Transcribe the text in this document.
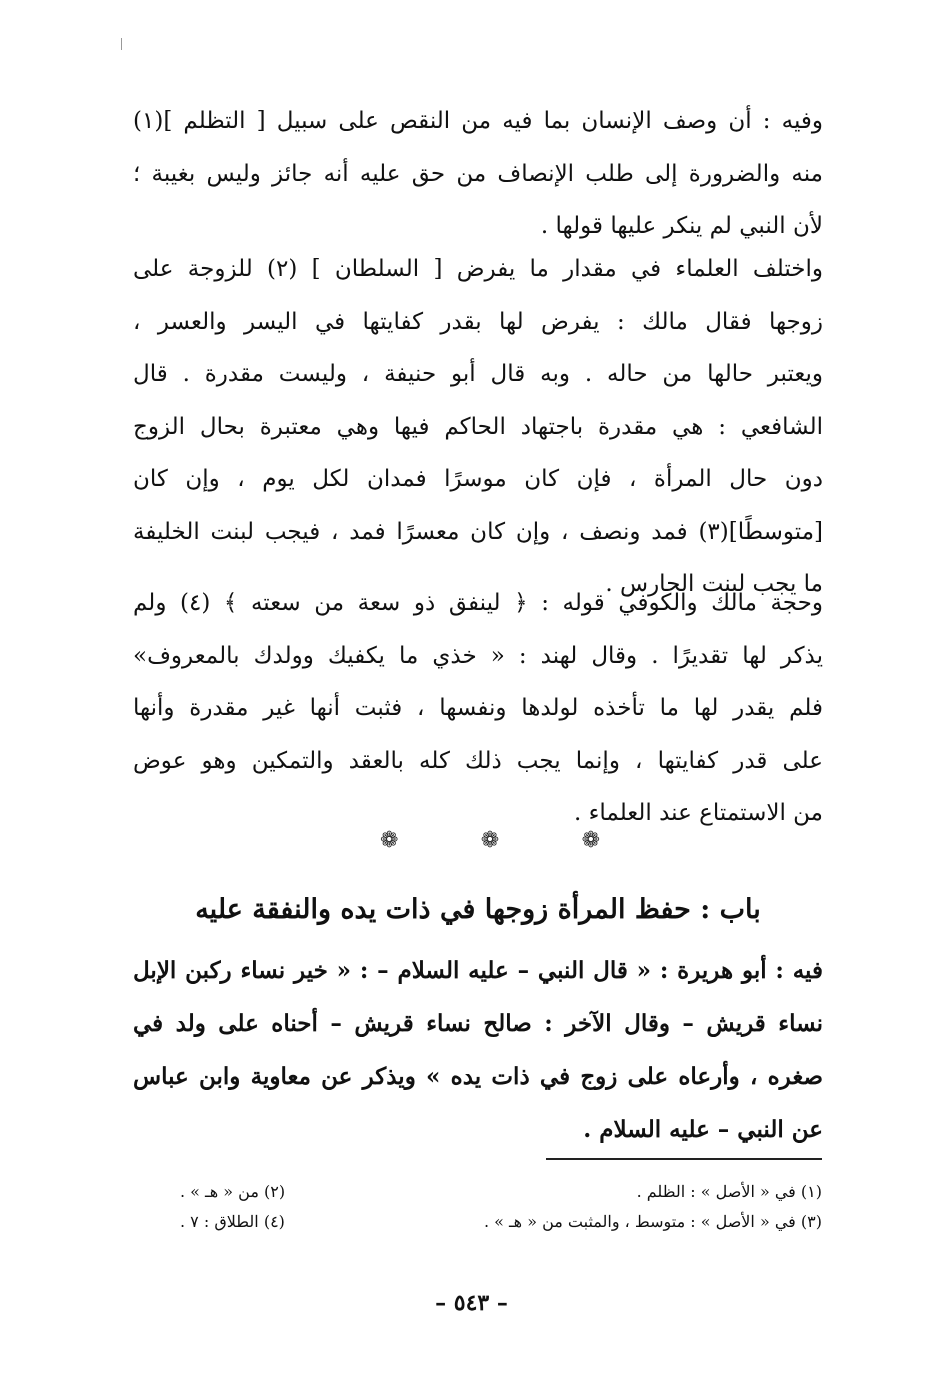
وفيه : أن وصف الإنسان بما فيه من النقص على سبيل [ التظلم ](١)
منه والضرورة إلى طلب الإنصاف من حق عليه أنه جائز وليس بغيبة ؛
لأن النبي لم ينكر عليها قولها .
واختلف العلماء في مقدار ما يفرض [ السلطان ] (٢) للزوجة على
زوجها فقال مالك : يفرض لها بقدر كفايتها في اليسر والعسر ،
ويعتبر حالها من حاله . وبه قال أبو حنيفة ، وليست مقدرة . قال
الشافعي : هي مقدرة باجتهاد الحاكم فيها وهي معتبرة بحال الزوج
دون حال المرأة ، فإن كان موسرًا فمدان لكل يوم ، وإن كان
[متوسطًا](٣) فمد ونصف ، وإن كان معسرًا فمد ، فيجب لبنت الخليفة
ما يجب لبنت الحارس .
وحجة مالك والكوفي قوله : ﴿ لينفق ذو سعة من سعته ﴾ (٤) ولم
يذكر لها تقديرًا . وقال لهند : « خذي ما يكفيك وولدك بالمعروف»
فلم يقدر لها ما تأخذه لولدها ونفسها ، فثبت أنها غير مقدرة وأنها
على قدر كفايتها ، وإنما يجب ذلك كله بالعقد والتمكين وهو عوض
من الاستمتاع عند العلماء .
❁
❁
❁
باب : حفظ المرأة زوجها في ذات يده والنفقة عليه
فيه : أبو هريرة : « قال النبي – عليه السلام – : « خير نساء ركبن الإبل
نساء قريش – وقال الآخر : صالح نساء قريش – أحناه على ولد في
صغره ، وأرعاه على زوج في ذات يده » ويذكر عن معاوية وابن عباس
عن النبي – عليه السلام .
(١) في « الأصل » : الظلم .
(٢) من « هـ » .
(٣) في « الأصل » : متوسط ، والمثبت من « هـ » .
(٤) الطلاق : ٧ .
– ٥٤٣ –
